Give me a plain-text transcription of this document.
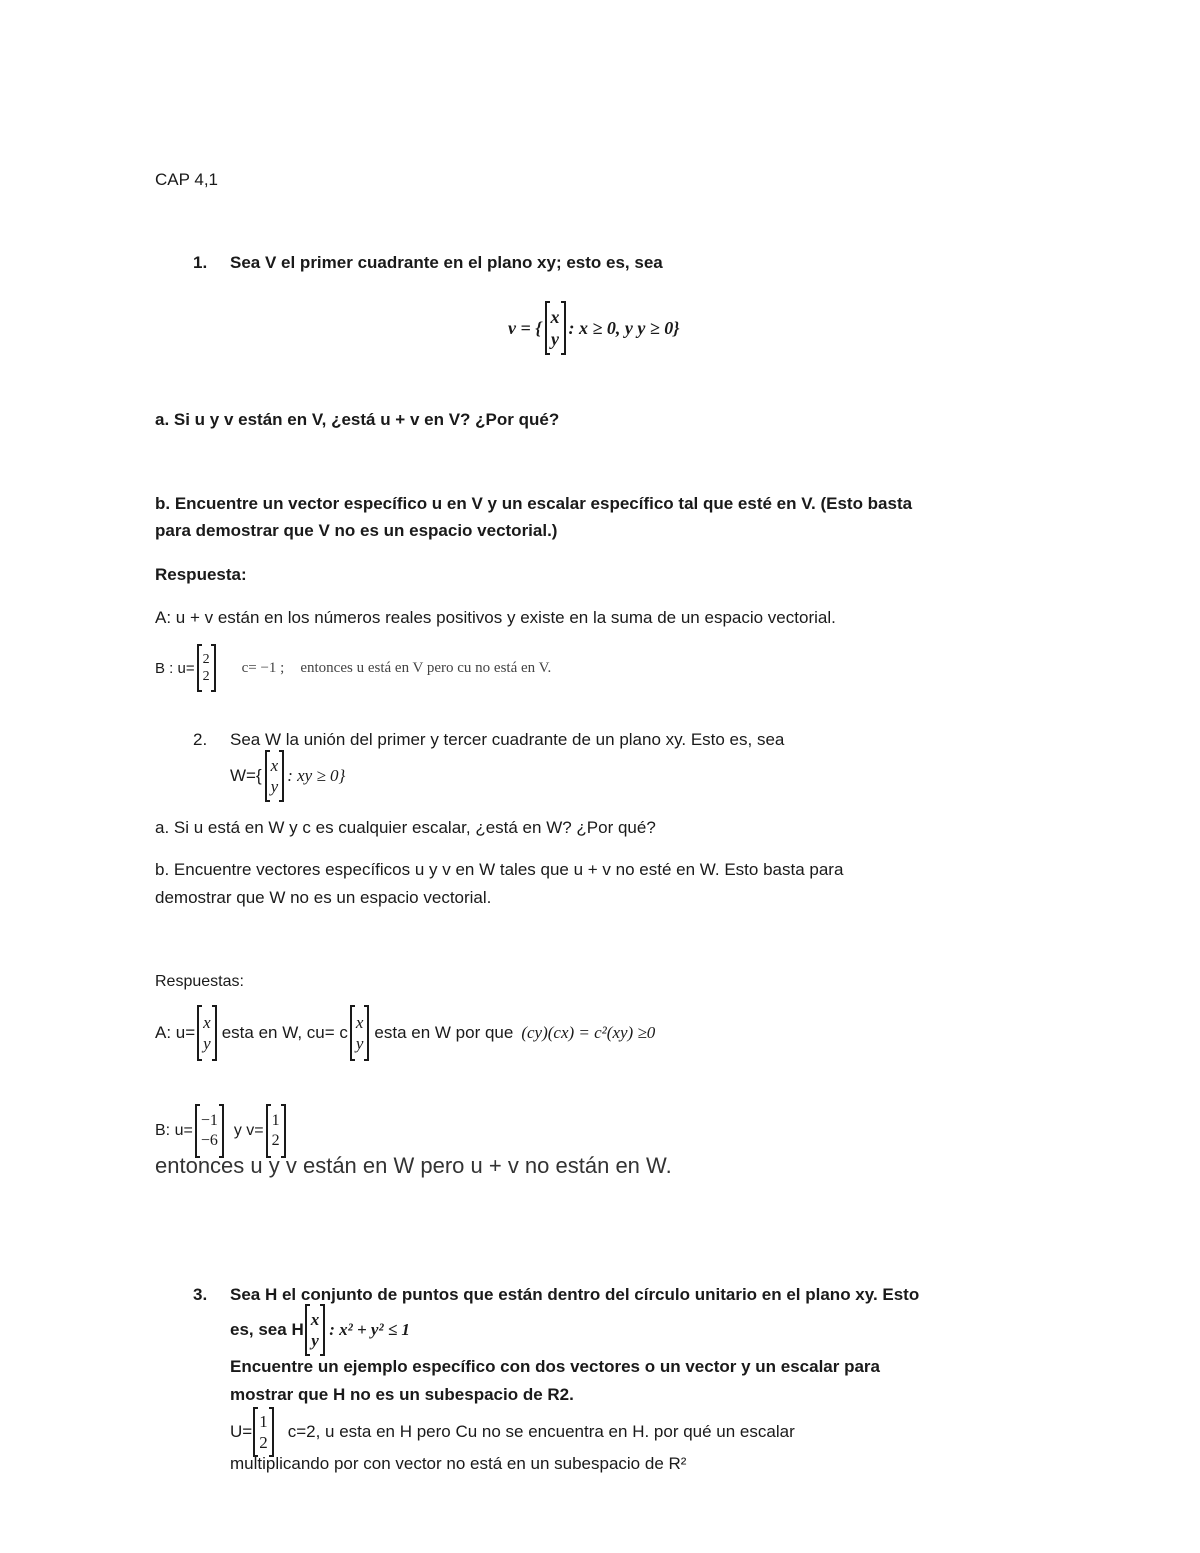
CAP 4,1
1. Sea V el primer cuadrante en el plano xy; esto es, sea
v = {
x
y
: x ≥ 0, y y ≥ 0}
a. Si u y v están en V, ¿está u + v en V? ¿Por qué?
b. Encuentre un vector específico u en V y un escalar específico tal que esté en V. (Esto basta
para demostrar que V no es un espacio vectorial.)
Respuesta:
A: u + v están en los números reales positivos y existe en la suma de un espacio vectorial.
B : u=
2
2
c= −1 ; entonces u está en V pero cu no está en V.
2. Sea W la unión del primer y tercer cuadrante de un plano xy. Esto es, sea
W={
x
y
: xy ≥ 0}
a. Si u está en W y c es cualquier escalar, ¿está en W? ¿Por qué?
b. Encuentre vectores específicos u y v en W tales que u + v no esté en W. Esto basta para
demostrar que W no es un espacio vectorial.
Respuestas:
A: u=
x
y
esta en W, cu= c
x
y
esta en W por que (cy)(cx) = c²(xy) ≥0
B: u=
−1
−6
y v=
1
2
entonces u y v están en W pero u + v no están en W.
3. Sea H el conjunto de puntos que están dentro del círculo unitario en el plano xy. Esto
es, sea H
x
y
: x² + y² ≤ 1
Encuentre un ejemplo específico con dos vectores o un vector y un escalar para
mostrar que H no es un subespacio de R2.
U=
1
2
c=2, u esta en H pero Cu no se encuentra en H. por qué un escalar
multiplicando por con vector no está en un subespacio de R²
